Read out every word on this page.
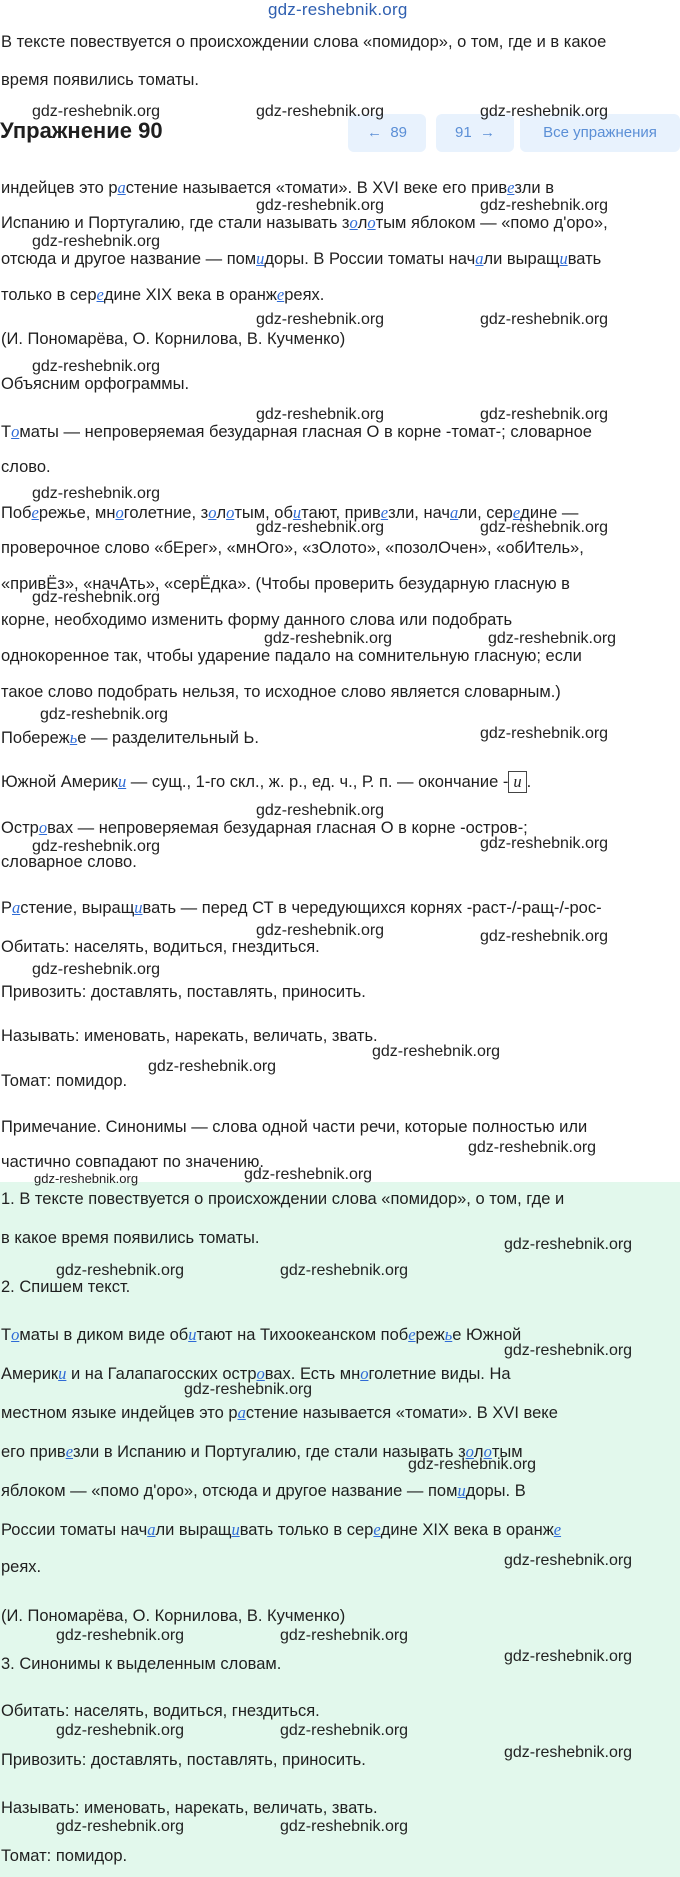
gdz-reshebnik.org
В тексте повествуется о происхождении слова «помидор», о том, где и в какое
время появились томаты.
Упражнение 90	← 89	91 →	Все упражнения
индейцев это растение называется «томати». В XVI веке его привезли в
Испанию и Португалию, где стали называть золотым яблоком — «помо д'оро»,
отсюда и другое название — помидоры. В России томаты начали выращивать
только в середине XIX века в оранжереях.
(И. Пономарёва, О. Корнилова, В. Кучменко)
Объясним орфограммы.
Томаты — непроверяемая безударная гласная О в корне -томат-; словарное
слово.
Побережье, многолетние, золотым, обитают, привезли, начали, середине —
проверочное слово «бЕрег», «мнОго», «зОлото», «позолОчен», «обИтель»,
«привЁз», «начАть», «серЁдка». (Чтобы проверить безударную гласную в
корне, необходимо изменить форму данного слова или подобрать
однокоренное так, чтобы ударение падало на сомнительную гласную; если
такое слово подобрать нельзя, то исходное слово является словарным.)
Побережье — разделительный Ь.
Южной Америки — сущ., 1-го скл., ж. р., ед. ч., Р. п. — окончание - и .
Островах — непроверяемая безударная гласная О в корне -остров-;
словарное слово.
Растение, выращивать — перед СТ в чередующихся корнях -раст-/-ращ-/-рос-
Обитать: населять, водиться, гнездиться.
Привозить: доставлять, поставлять, приносить.
Называть: именовать, нарекать, величать, звать.
Томат: помидор.
Примечание. Синонимы — слова одной части речи, которые полностью или
частично совпадают по значению.
1. В тексте повествуется о происхождении слова «помидор», о том, где и
в какое время появились томаты.
2. Спишем текст.
Томаты в диком виде обитают на Тихоокеанском побережье Южной
Америки и на Галапагосских островах. Есть многолетние виды. На
местном языке индейцев это растение называется «томати». В XVI веке
его привезли в Испанию и Португалию, где стали называть золотым
яблоком — «помо д'оро», отсюда и другое название — помидоры. В
России томаты начали выращивать только в середине XIX века в оранже
реях.
(И. Пономарёва, О. Корнилова, В. Кучменко)
3. Синонимы к выделенным словам.
Обитать: населять, водиться, гнездиться.
Привозить: доставлять, поставлять, приносить.
Называть: именовать, нарекать, величать, звать.
Томат: помидор.
gdz-reshebnik.org	gdz-reshebnik.org	gdz-reshebnik.org
gdz-reshebnik.org	gdz-reshebnik.org
gdz-reshebnik.org
gdz-reshebnik.org	gdz-reshebnik.org
gdz-reshebnik.org
gdz-reshebnik.org	gdz-reshebnik.org
gdz-reshebnik.org
gdz-reshebnik.org	gdz-reshebnik.org
gdz-reshebnik.org
gdz-reshebnik.org	gdz-reshebnik.org
gdz-reshebnik.org
gdz-reshebnik.org
gdz-reshebnik.org
gdz-reshebnik.org	gdz-reshebnik.org
gdz-reshebnik.org	gdz-reshebnik.org
gdz-reshebnik.org
gdz-reshebnik.org
gdz-reshebnik.org
gdz-reshebnik.org
gdz-reshebnik.org
gdz-reshebnik.org
gdz-reshebnik.org
gdz-reshebnik.org	gdz-reshebnik.org
gdz-reshebnik.org
gdz-reshebnik.org
gdz-reshebnik.org
gdz-reshebnik.org
gdz-reshebnik.org	gdz-reshebnik.org
gdz-reshebnik.org
gdz-reshebnik.org	gdz-reshebnik.org
gdz-reshebnik.org
gdz-reshebnik.org	gdz-reshebnik.org
